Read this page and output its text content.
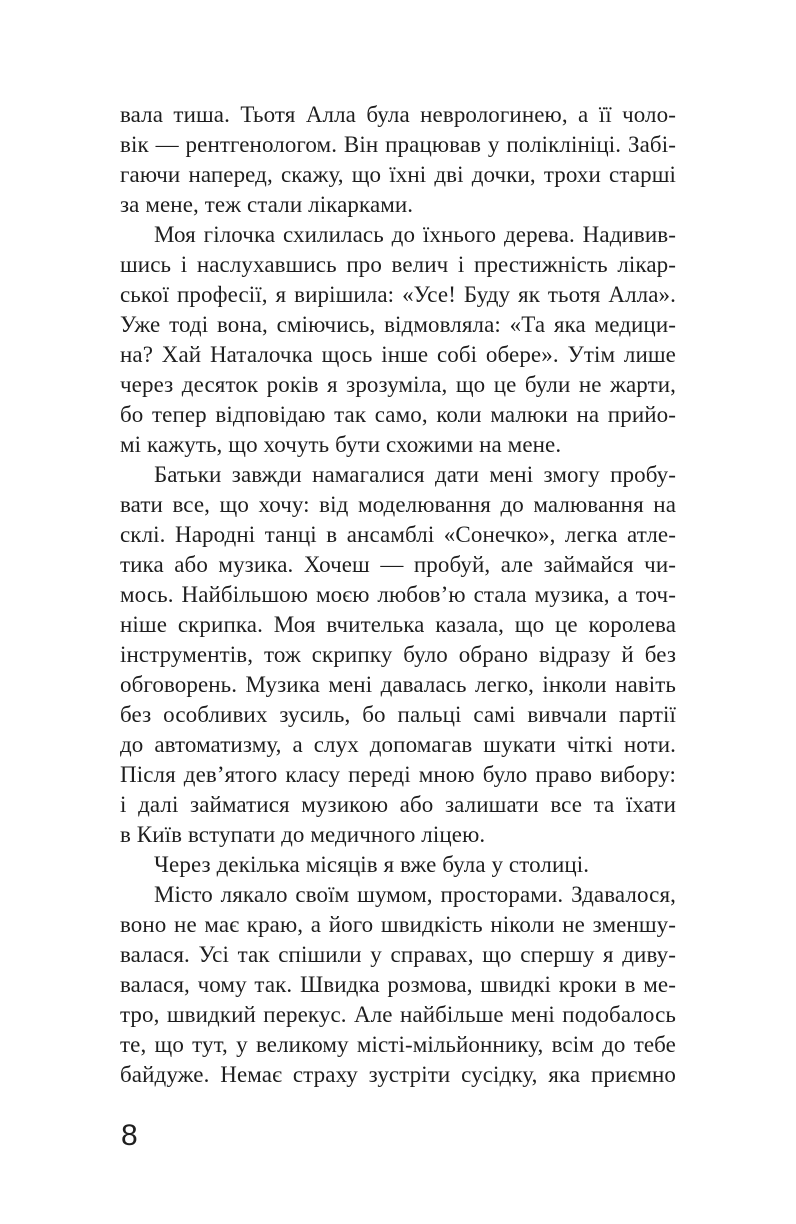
вала тиша. Тьотя Алла була неврологинею, а її чоло-
вік — рентгенологом. Він працював у поліклініці. Забі-
гаючи наперед, скажу, що їхні дві дочки, трохи старші
за мене, теж стали лікарками.
Моя гілочка схилилась до їхнього дерева. Надивив-
шись і наслухавшись про велич і престижність лікар-
ської професії, я вирішила: «Усе! Буду як тьотя Алла».
Уже тоді вона, сміючись, відмовляла: «Та яка медици-
на? Хай Наталочка щось інше собі обере». Утім лише
через десяток років я зрозуміла, що це були не жарти,
бо тепер відповідаю так само, коли малюки на прийо-
мі кажуть, що хочуть бути схожими на мене.
Батьки завжди намагалися дати мені змогу пробу-
вати все, що хочу: від моделювання до малювання на
склі. Народні танці в ансамблі «Сонечко», легка атле-
тика або музика. Хочеш — пробуй, але займайся чи-
мось. Найбільшою моєю любов’ю стала музика, а точ-
ніше скрипка. Моя вчителька казала, що це королева
інструментів, тож скрипку було обрано відразу й без
обговорень. Музика мені давалась легко, інколи навіть
без особливих зусиль, бо пальці самі вивчали партії
до автоматизму, а слух допомагав шукати чіткі ноти.
Після дев’ятого класу переді мною було право вибору:
і далі займатися музикою або залишати все та їхати
в Київ вступати до медичного ліцею.
Через декілька місяців я вже була у столиці.
Місто лякало своїм шумом, просторами. Здавалося,
воно не має краю, а його швидкість ніколи не зменшу-
валася. Усі так спішили у справах, що спершу я диву-
валася, чому так. Швидка розмова, швидкі кроки в ме-
тро, швидкий перекус. Але найбільше мені подобалось
те, що тут, у великому місті-мільйоннику, всім до тебе
байдуже. Немає страху зустріти сусідку, яка приємно
8
